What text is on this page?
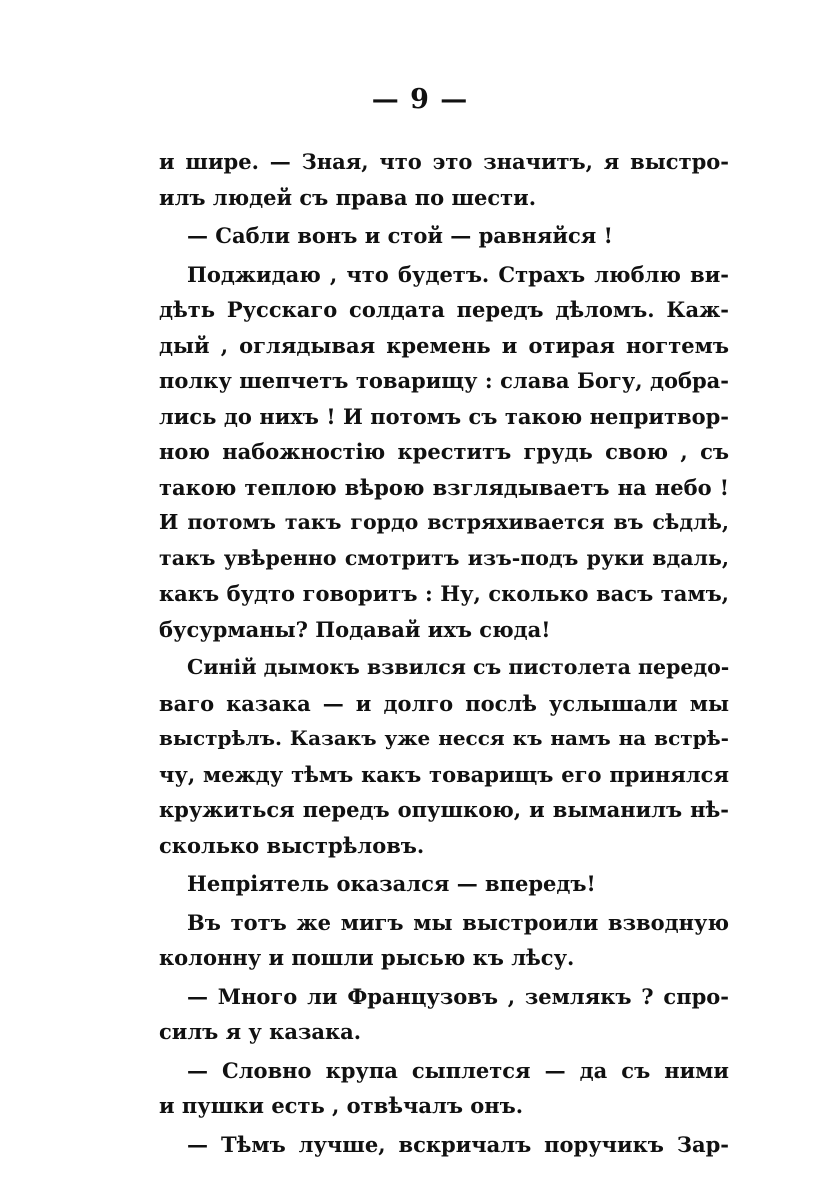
— 9 —
и шире. — Зная, что это значитъ, я выстро-
илъ людей съ права по шести.
— Сабли вонъ и стой — равняйся !
Поджидаю , что будетъ. Страхъ люблю ви-
дѣть Русскаго солдата передъ дѣломъ. Каж-
дый , оглядывая кремень и отирая ногтемъ
полку шепчетъ товарищу : слава Богу, добра-
лись до нихъ ! И потомъ съ такою непритвор-
ною набожностію креститъ грудь свою , съ
такою теплою вѣрою взглядываетъ на небо !
И потомъ такъ гордо встряхивается въ сѣдлѣ,
такъ увѣренно смотритъ изъ-подъ руки вдаль,
какъ будто говоритъ : Ну, сколько васъ тамъ,
бусурманы? Подавай ихъ сюда!
Синій дымокъ взвился съ пистолета передо-
ваго казака — и долго послѣ услышали мы
выстрѣлъ. Казакъ уже несся къ намъ на встрѣ-
чу, между тѣмъ какъ товарищъ его принялся
кружиться передъ опушкою, и выманилъ нѣ-
сколько выстрѣловъ.
Непріятель оказался — впередъ!
Въ тотъ же мигъ мы выстроили взводную
колонну и пошли рысью къ лѣсу.
— Много ли Французовъ , землякъ ? спро-
силъ я у казака.
— Словно крупа сыплется — да съ ними
и пушки есть , отвѣчалъ онъ.
— Тѣмъ лучше, вскричалъ поручикъ Зар-
